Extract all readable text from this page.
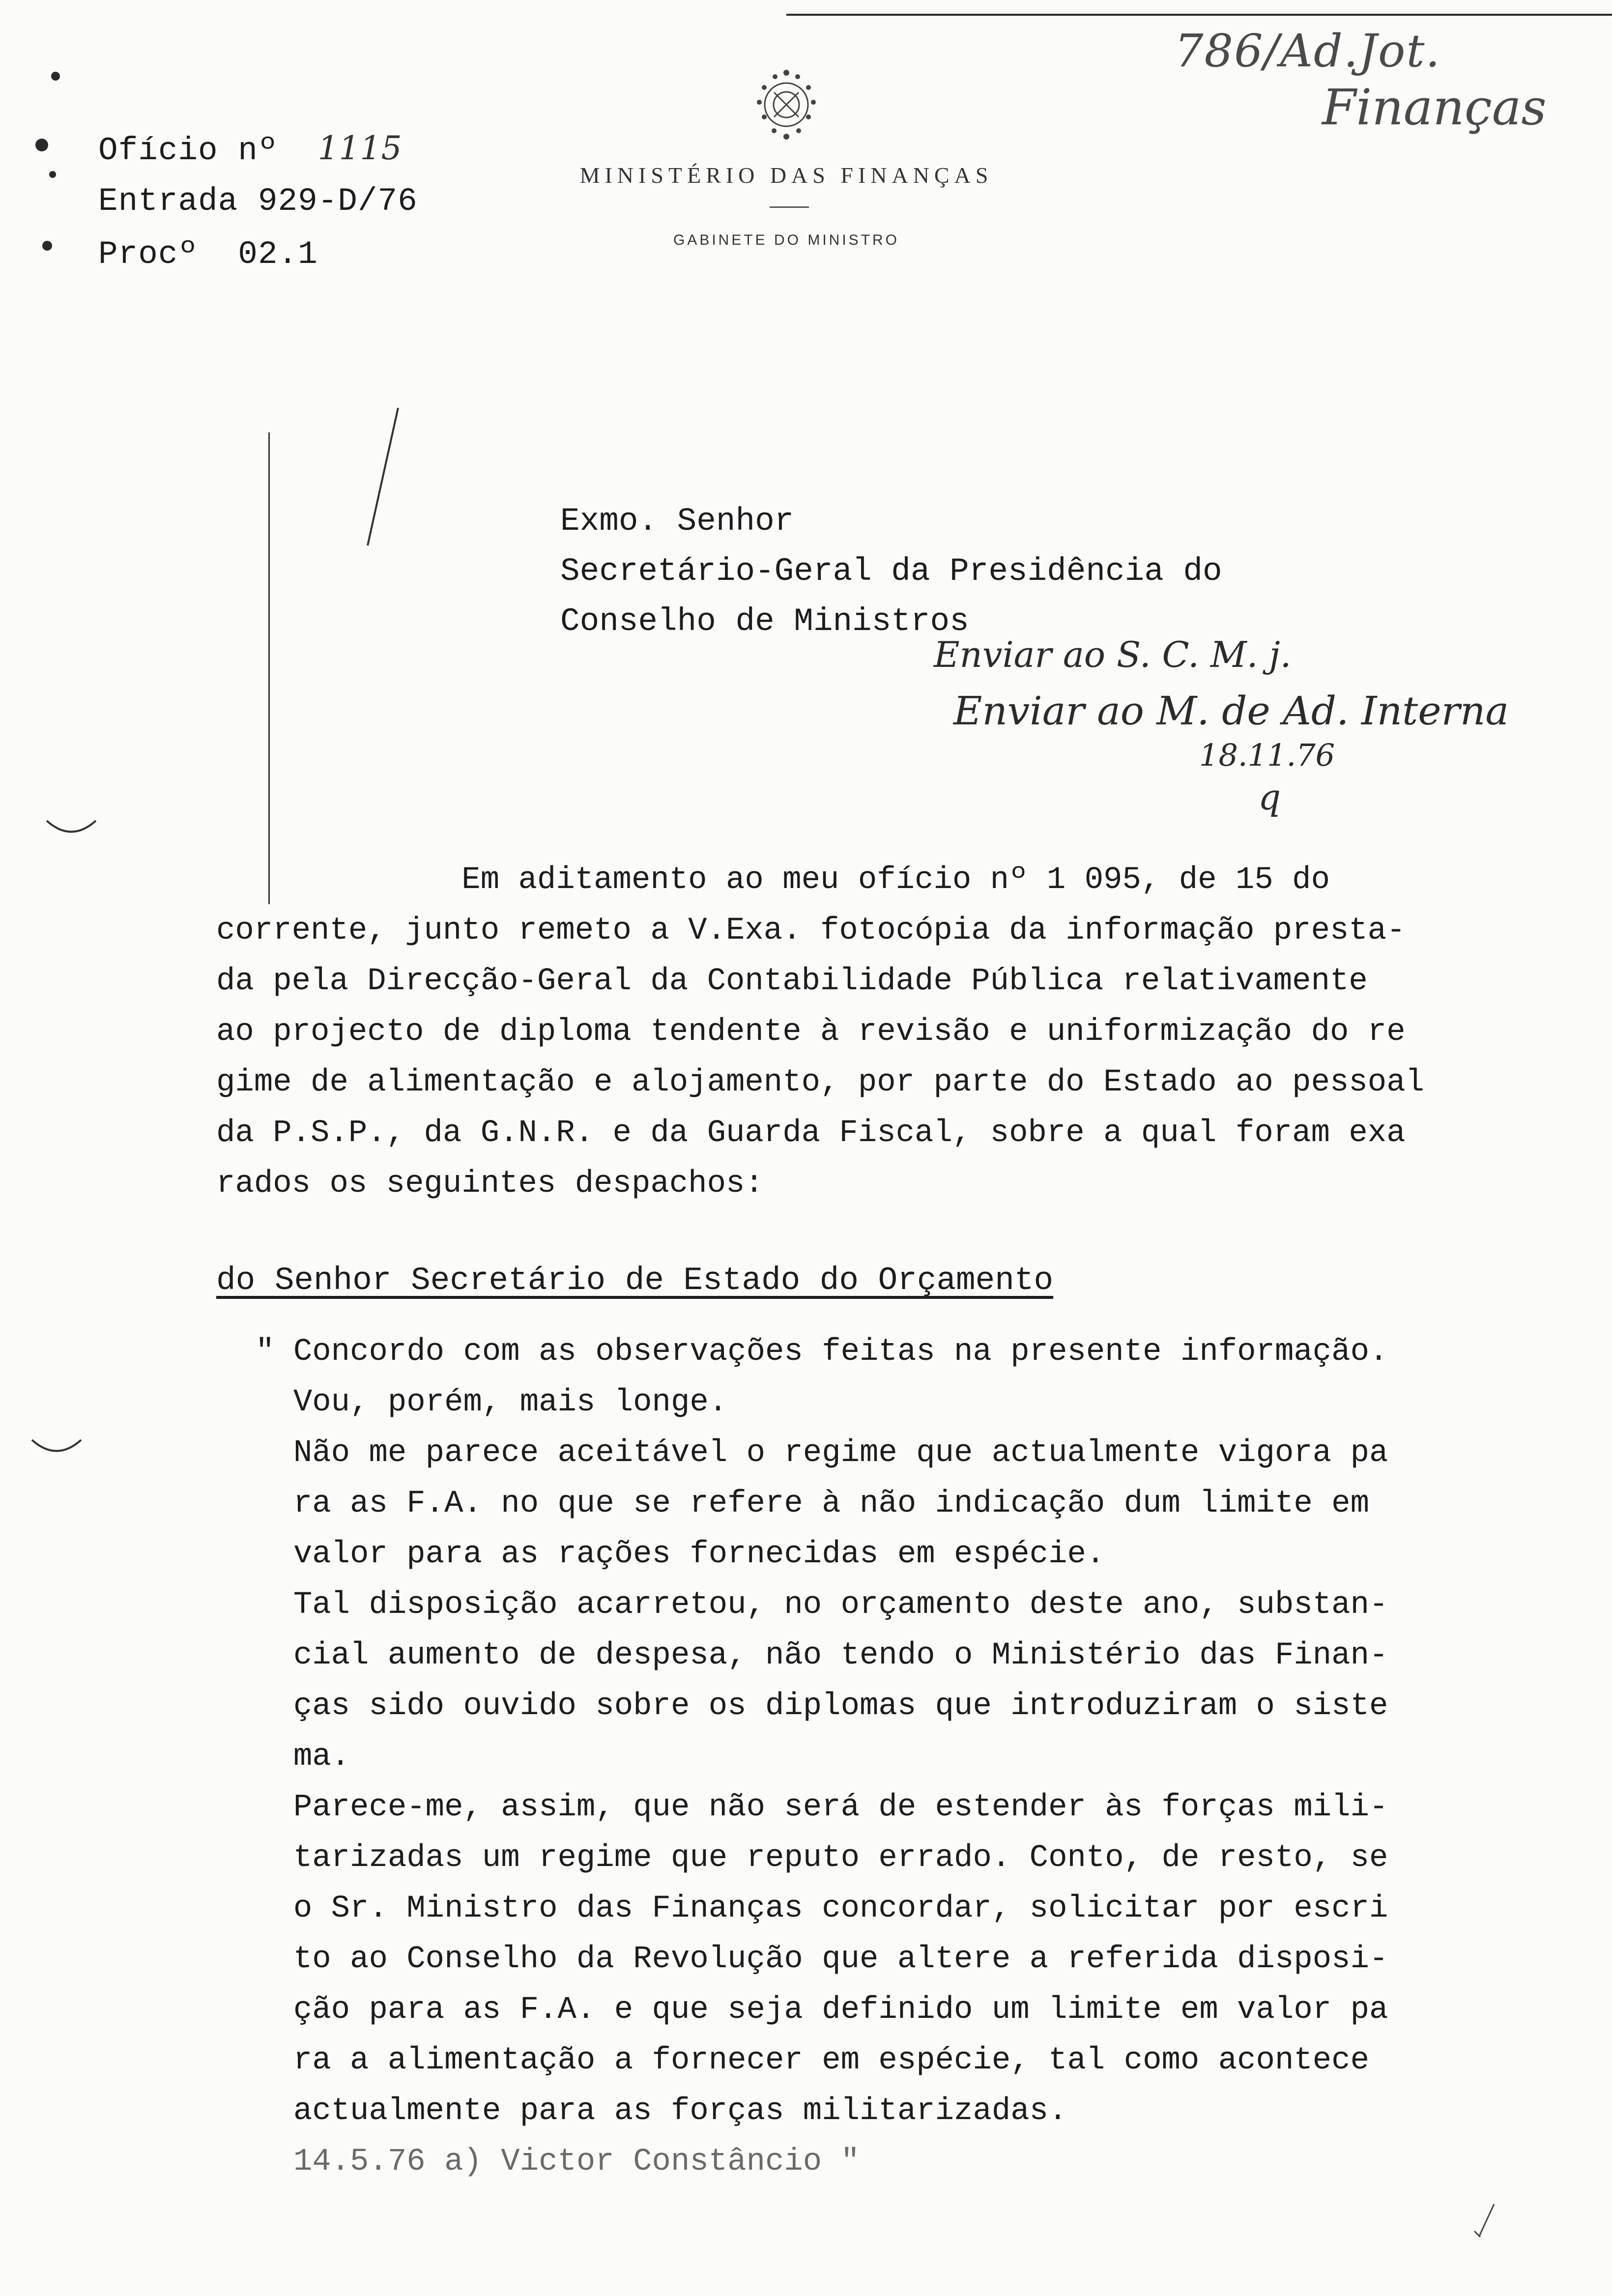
786/Ad.Jot.
Finanças
Ofício nº 1115
Entrada 929-D/76
Procº  02.1
MINISTÉRIO DAS FINANÇAS
GABINETE DO MINISTRO
Exmo. Senhor
Secretário-Geral da Presidência do
Conselho de Ministros
Enviar ao S. C. M. j.
Enviar ao M. de Ad. Interna
18.11.76
q
Em aditamento ao meu ofício nº 1 095, de 15 do
corrente, junto remeto a V.Exa. fotocópia da informação presta-
da pela Direcção-Geral da Contabilidade Pública relativamente
ao projecto de diploma tendente à revisão e uniformização do re
gime de alimentação e alojamento, por parte do Estado ao pessoal
da P.S.P., da G.N.R. e da Guarda Fiscal, sobre a qual foram exa
rados os seguintes despachos:
do Senhor Secretário de Estado do Orçamento
" Concordo com as observações feitas na presente informação.
Vou, porém, mais longe.
Não me parece aceitável o regime que actualmente vigora pa
ra as F.A. no que se refere à não indicação dum limite em
valor para as rações fornecidas em espécie.
Tal disposição acarretou, no orçamento deste ano, substan-
cial aumento de despesa, não tendo o Ministério das Finan-
ças sido ouvido sobre os diplomas que introduziram o siste
ma.
Parece-me, assim, que não será de estender às forças mili-
tarizadas um regime que reputo errado. Conto, de resto, se
o Sr. Ministro das Finanças concordar, solicitar por escri
to ao Conselho da Revolução que altere a referida disposi-
ção para as F.A. e que seja definido um limite em valor pa
ra a alimentação a fornecer em espécie, tal como acontece
actualmente para as forças militarizadas.
14.5.76 a) Victor Constâncio "
